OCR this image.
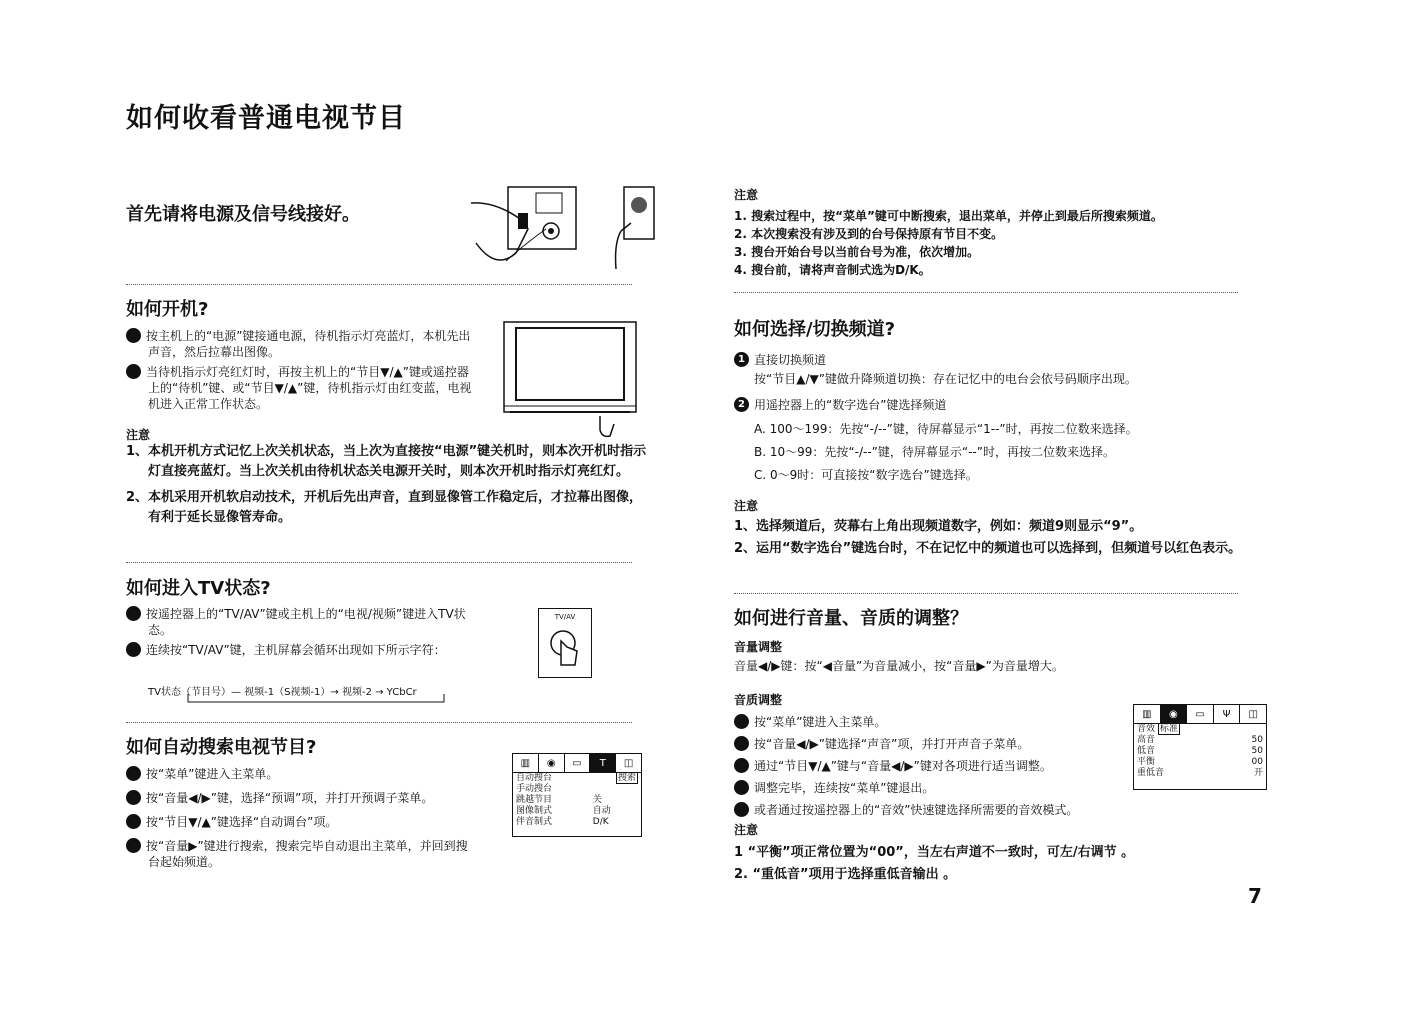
如何收看普通电视节目
首先请将电源及信号线接好。
如何开机?
1 按主机上的“电源”键接通电源，待机指示灯亮蓝灯，本机先出声音，然后拉幕出图像。
2 当待机指示灯亮红灯时，再按主机上的“节目▼/▲”键或遥控器上的“待机”键、或“节目▼/▲”键，待机指示灯由红变蓝，电视机进入正常工作状态。
注意
1、本机开机方式记忆上次关机状态，当上次为直接按“电源”键关机时，则本次开机时指示灯直接亮蓝灯。当上次关机由待机状态关电源开关时，则本次开机时指示灯亮红灯。
2、本机采用开机软启动技术，开机后先出声音，直到显像管工作稳定后，才拉幕出图像，有利于延长显像管寿命。
如何进入TV状态?
1 按遥控器上的“TV/AV”键或主机上的“电视/视频”键进入TV状态。
2 连续按“TV/AV”键，主机屏幕会循环出现如下所示字符：
TV状态（节目号）— 视频-1（S视频-1）→ 视频-2 → YCbCr
TV/AV
如何自动搜索电视节目?
1 按“菜单”键进入主菜单。
2 按“音量◀/▶”键，选择“预调”项，并打开预调子菜单。
3 按“节目▼/▲”键选择“自动调台”项。
4 按“音量▶”键进行搜索，搜索完毕自动退出主菜单，并回到搜台起始频道。
▥	◉	▭	T	◫
自动搜台	搜索
手动搜台	
跳越节目	关
图像制式	自动
伴音制式	D/K
注意
1. 搜索过程中，按“菜单”键可中断搜索，退出菜单，并停止到最后所搜索频道。
2. 本次搜索没有涉及到的台号保持原有节目不变。
3. 搜台开始台号以当前台号为准，依次增加。
4. 搜台前，请将声音制式选为D/K。
如何选择/切换频道?
1 直接切换频道
按“节目▲/▼”键做升降频道切换：存在记忆中的电台会依号码顺序出现。
2 用遥控器上的“数字选台”键选择频道
A. 100～199：先按“-/--”键，待屏幕显示“1--”时，再按二位数来选择。
B. 10～99：先按“-/--”键，待屏幕显示“--”时，再按二位数来选择。
C. 0～9时：可直接按“数字选台”键选择。
注意
1、选择频道后，荧幕右上角出现频道数字，例如：频道9则显示“9”。
2、运用“数字选台”键选台时，不在记忆中的频道也可以选择到，但频道号以红色表示。
如何进行音量、音质的调整？
音量调整
音量◀/▶键：按“◀音量”为音量减小，按“音量▶”为音量增大。
音质调整
1 按“菜单”键进入主菜单。
2 按“音量◀/▶”键选择“声音”项，并打开声音子菜单。
3 通过“节目▼/▲”键与“音量◀/▶”键对各项进行适当调整。
4 调整完毕，连续按“菜单”键退出。
5 或者通过按遥控器上的“音效”快速键选择所需要的音效模式。
▥	◉	▭	Ψ	◫
音效 标准	
高音	50
低音	50
平衡	00
重低音	开
注意
1 “平衡”项正常位置为“00”，当左右声道不一致时，可左/右调节 。
2. “重低音”项用于选择重低音输出 。
7
